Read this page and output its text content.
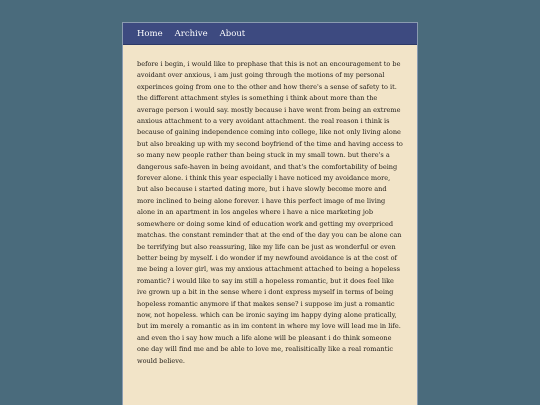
Home Archive About

before i begin, i would like to prephase that this is not an encouragement to be avoidant over anxious, i am just going through the motions of my personal experinces going from one to the other and how there's a sense of safety to it. the different attachment styles is something i think about more than the average person i would say. mostly because i have went from being an extreme anxious attachment to a very avoidant attachment. the real reason i think is because of gaining independence coming into college, like not only living alone but also breaking up with my second boyfriend of the time and having access to so many new people rather than being stuck in my small town. but there's a dangerous safe-haven in being avoidant, and that's the comfortability of being forever alone. i think this year especially i have noticed my avoidance more, but also because i started dating more, but i have slowly become more and more inclined to being alone forever. i have this perfect image of me living alone in an apartment in los angeles where i have a nice marketing job somewhere or doing some kind of education work and getting my overpriced matchas. the constant reminder that at the end of the day you can be alone can be terrifying but also reassuring, like my life can be just as wonderful or even better being by myself. i do wonder if my newfound avoidance is at the cost of me being a lover girl, was my anxious attachment attached to being a hopeless romantic? i would like to say im still a hopeless romantic, but it does feel like ive grown up a bit in the sense where i dont express myself in terms of being hopeless romantic anymore if that makes sense? i suppose im just a romantic now, not hopeless. which can be ironic saying im happy dying alone pratically, but im merely a romantic as in im content in where my love will lead me in life. and even tho i say how much a life alone will be pleasant i do think someone one day will find me and be able to love me, realisitically like a real romantic would believe.
